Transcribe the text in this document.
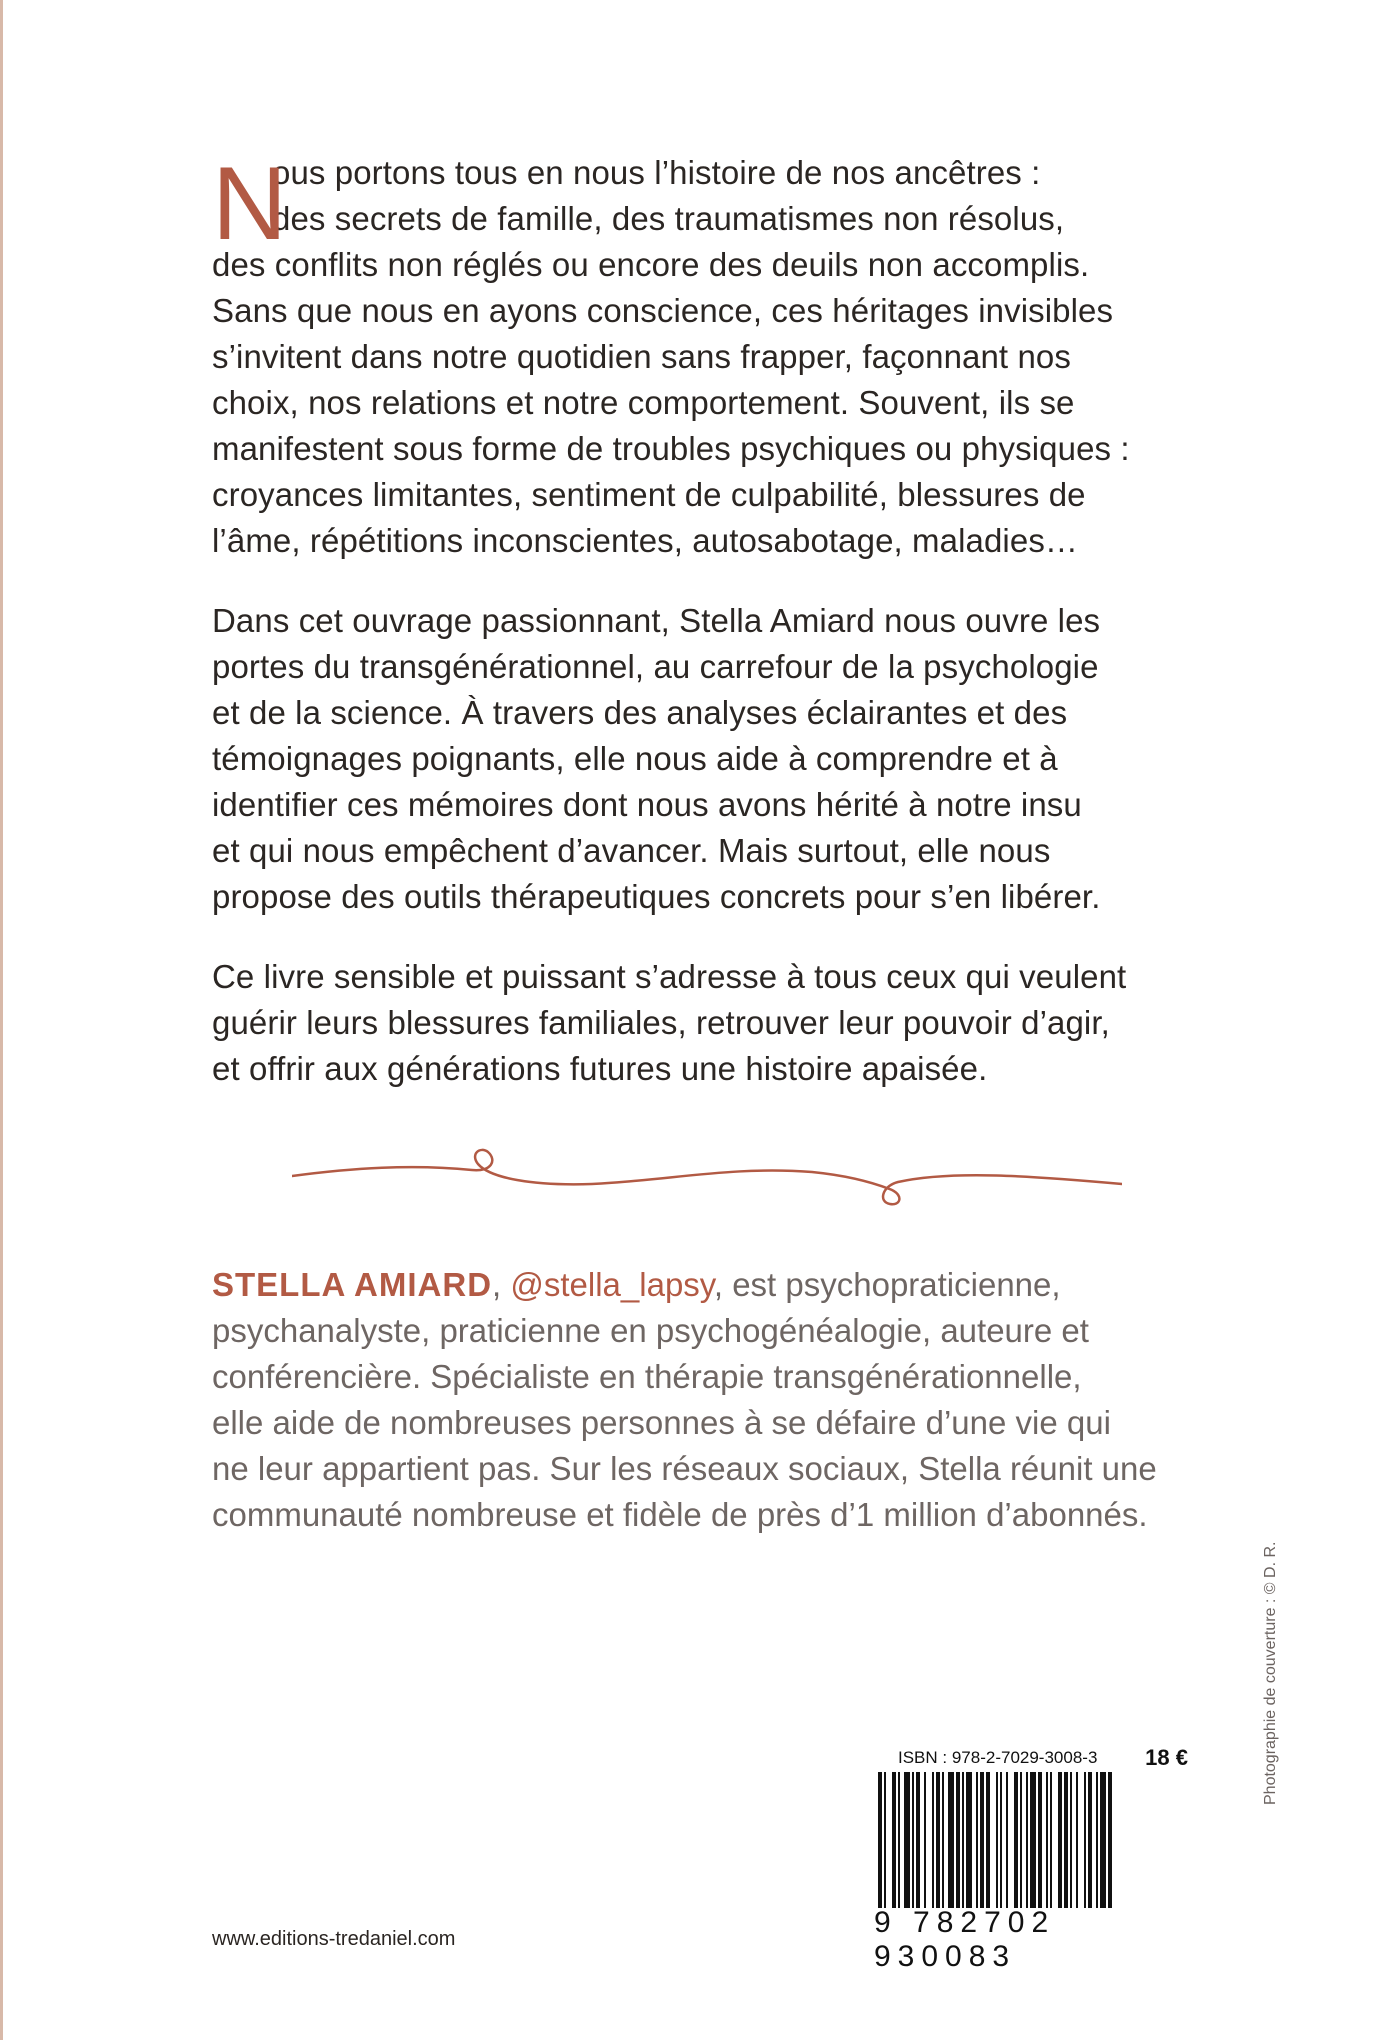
N
ous portons tous en nous l’histoire de nos ancêtres :
des secrets de famille, des traumatismes non résolus,
des conflits non réglés ou encore des deuils non accomplis.
Sans que nous en ayons conscience, ces héritages invisibles
s’invitent dans notre quotidien sans frapper, façonnant nos
choix, nos relations et notre comportement. Souvent, ils se
manifestent sous forme de troubles psychiques ou physiques :
croyances limitantes, sentiment de culpabilité, blessures de
l’âme, répétitions inconscientes, autosabotage, maladies…

Dans cet ouvrage passionnant, Stella Amiard nous ouvre les
portes du transgénérationnel, au carrefour de la psychologie
et de la science. À travers des analyses éclairantes et des
témoignages poignants, elle nous aide à comprendre et à
identifier ces mémoires dont nous avons hérité à notre insu
et qui nous empêchent d’avancer. Mais surtout, elle nous
propose des outils thérapeutiques concrets pour s’en libérer.

Ce livre sensible et puissant s’adresse à tous ceux qui veulent
guérir leurs blessures familiales, retrouver leur pouvoir d’agir,
et offrir aux générations futures une histoire apaisée.

STELLA AMIARD, @stella_lapsy, est psychopraticienne,
psychanalyste, praticienne en psychogénéalogie, auteure et
conférencière. Spécialiste en thérapie transgénérationnelle,
elle aide de nombreuses personnes à se défaire d’une vie qui
ne leur appartient pas. Sur les réseaux sociaux, Stella réunit une
communauté nombreuse et fidèle de près d’1 million d’abonnés.

Photographie de couverture : © D. R.
ISBN : 978-2-7029-3008-3 18 €
9 782702 930083
www.editions-tredaniel.com
